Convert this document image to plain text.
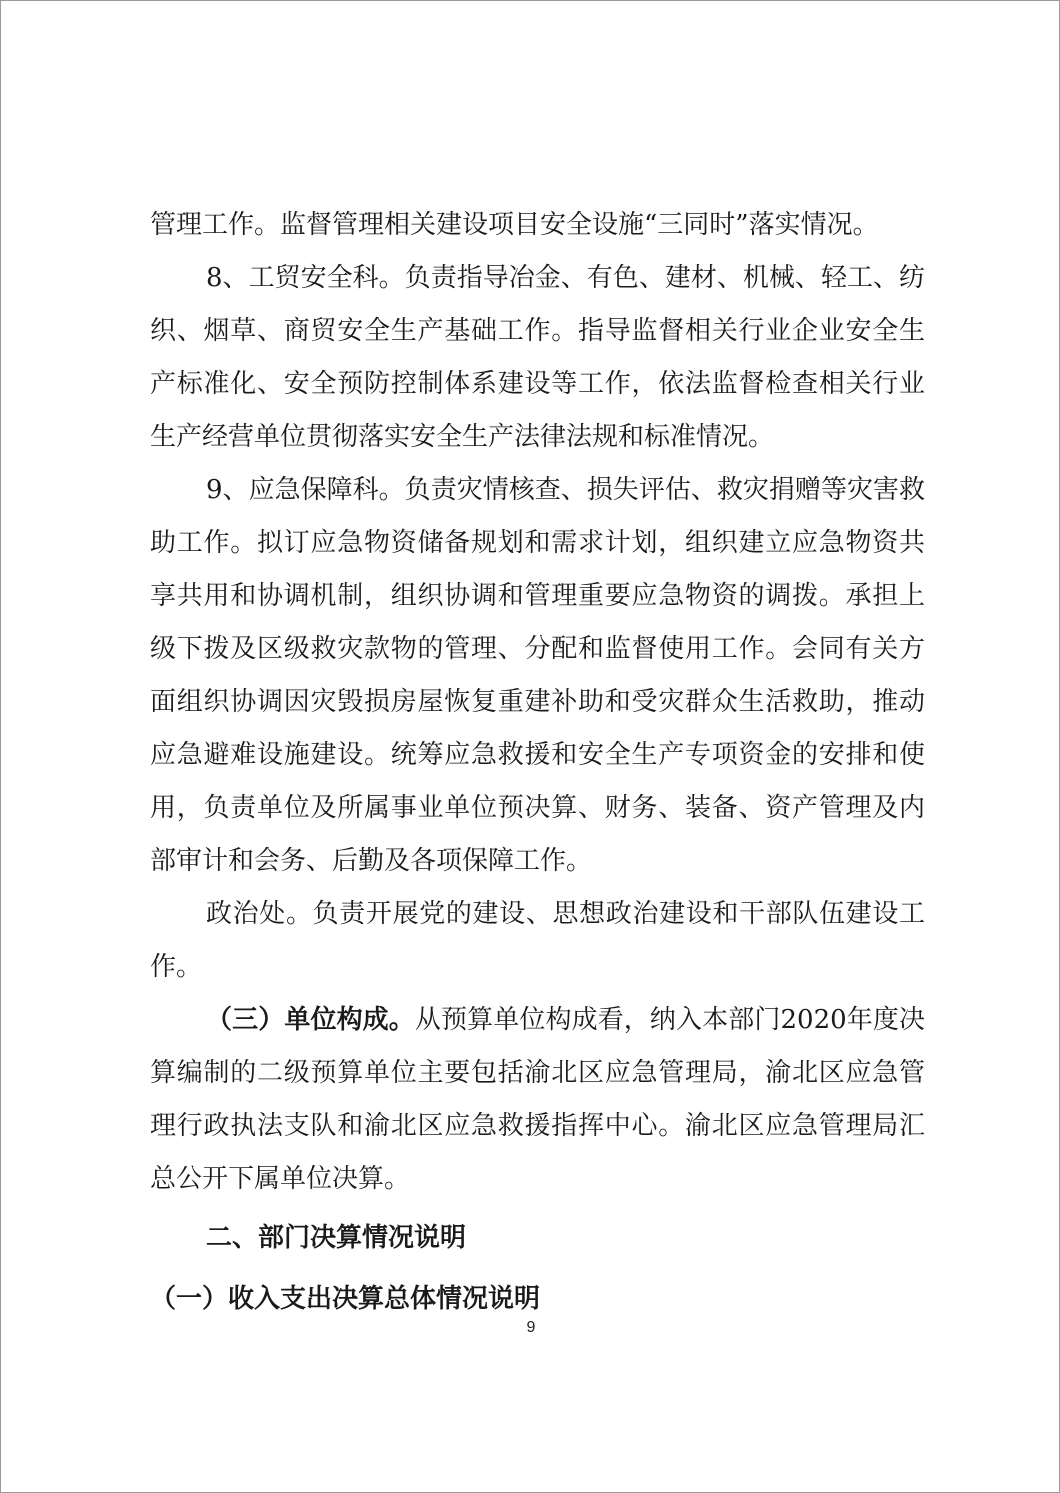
管理工作。监督管理相关建设项目安全设施“三同时”落实情况。

8、工贸安全科。负责指导冶金、有色、建材、机械、轻工、纺织、烟草、商贸安全生产基础工作。指导监督相关行业企业安全生产标准化、安全预防控制体系建设等工作，依法监督检查相关行业生产经营单位贯彻落实安全生产法律法规和标准情况。

9、应急保障科。负责灾情核查、损失评估、救灾捐赠等灾害救助工作。拟订应急物资储备规划和需求计划，组织建立应急物资共享共用和协调机制，组织协调和管理重要应急物资的调拨。承担上级下拨及区级救灾款物的管理、分配和监督使用工作。会同有关方面组织协调因灾毁损房屋恢复重建补助和受灾群众生活救助，推动应急避难设施建设。统筹应急救援和安全生产专项资金的安排和使用，负责单位及所属事业单位预决算、财务、装备、资产管理及内部审计和会务、后勤及各项保障工作。

政治处。负责开展党的建设、思想政治建设和干部队伍建设工作。

（三）单位构成。从预算单位构成看，纳入本部门2020年度决算编制的二级预算单位主要包括渝北区应急管理局，渝北区应急管理行政执法支队和渝北区应急救援指挥中心。渝北区应急管理局汇总公开下属单位决算。

二、部门决算情况说明

（一）收入支出决算总体情况说明

9
